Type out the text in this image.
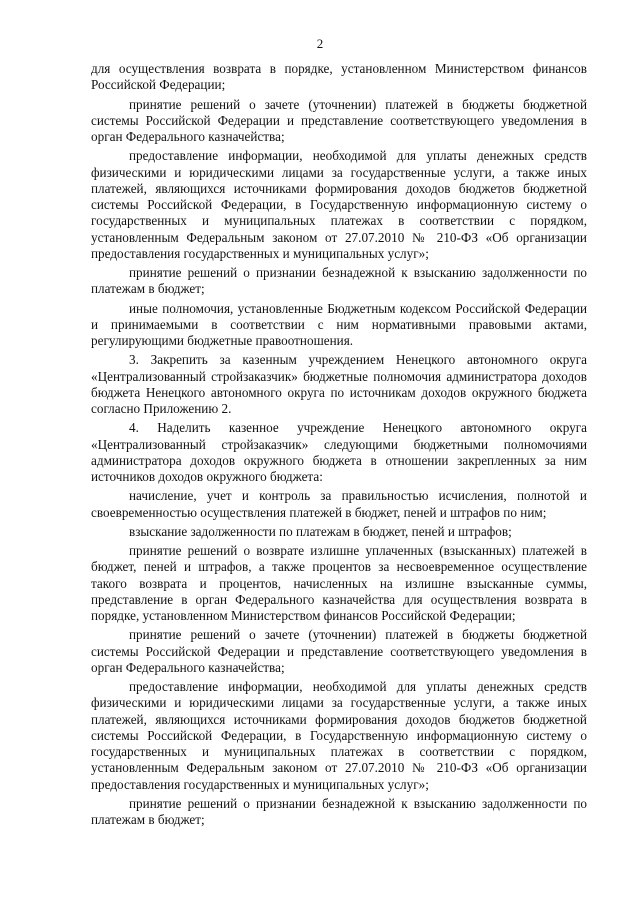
2

для осуществления возврата в порядке, установленном Министерством финансов Российской Федерации;

принятие решений о зачете (уточнении) платежей в бюджеты бюджетной системы Российской Федерации и представление соответствующего уведомления в орган Федерального казначейства;

предоставление информации, необходимой для уплаты денежных средств физическими и юридическими лицами за государственные услуги, а также иных платежей, являющихся источниками формирования доходов бюджетов бюджетной системы Российской Федерации, в Государственную информационную систему о государственных и муниципальных платежах в соответствии с порядком, установленным Федеральным законом от 27.07.2010 № 210-ФЗ «Об организации предоставления государственных и муниципальных услуг»;

принятие решений о признании безнадежной к взысканию задолженности по платежам в бюджет;

иные полномочия, установленные Бюджетным кодексом Российской Федерации и принимаемыми в соответствии с ним нормативными правовыми актами, регулирующими бюджетные правоотношения.

3. Закрепить за казенным учреждением Ненецкого автономного округа «Централизованный стройзаказчик» бюджетные полномочия администратора доходов бюджета Ненецкого автономного округа по источникам доходов окружного бюджета согласно Приложению 2.

4. Наделить казенное учреждение Ненецкого автономного округа «Централизованный стройзаказчик» следующими бюджетными полномочиями администратора доходов окружного бюджета в отношении закрепленных за ним источников доходов окружного бюджета:

начисление, учет и контроль за правильностью исчисления, полнотой и своевременностью осуществления платежей в бюджет, пеней и штрафов по ним;

взыскание задолженности по платежам в бюджет, пеней и штрафов;

принятие решений о возврате излишне уплаченных (взысканных) платежей в бюджет, пеней и штрафов, а также процентов за несвоевременное осуществление такого возврата и процентов, начисленных на излишне взысканные суммы, представление в орган Федерального казначейства для осуществления возврата в порядке, установленном Министерством финансов Российской Федерации;

принятие решений о зачете (уточнении) платежей в бюджеты бюджетной системы Российской Федерации и представление соответствующего уведомления в орган Федерального казначейства;

предоставление информации, необходимой для уплаты денежных средств физическими и юридическими лицами за государственные услуги, а также иных платежей, являющихся источниками формирования доходов бюджетов бюджетной системы Российской Федерации, в Государственную информационную систему о государственных и муниципальных платежах в соответствии с порядком, установленным Федеральным законом от 27.07.2010 № 210-ФЗ «Об организации предоставления государственных и муниципальных услуг»;

принятие решений о признании безнадежной к взысканию задолженности по платежам в бюджет;
